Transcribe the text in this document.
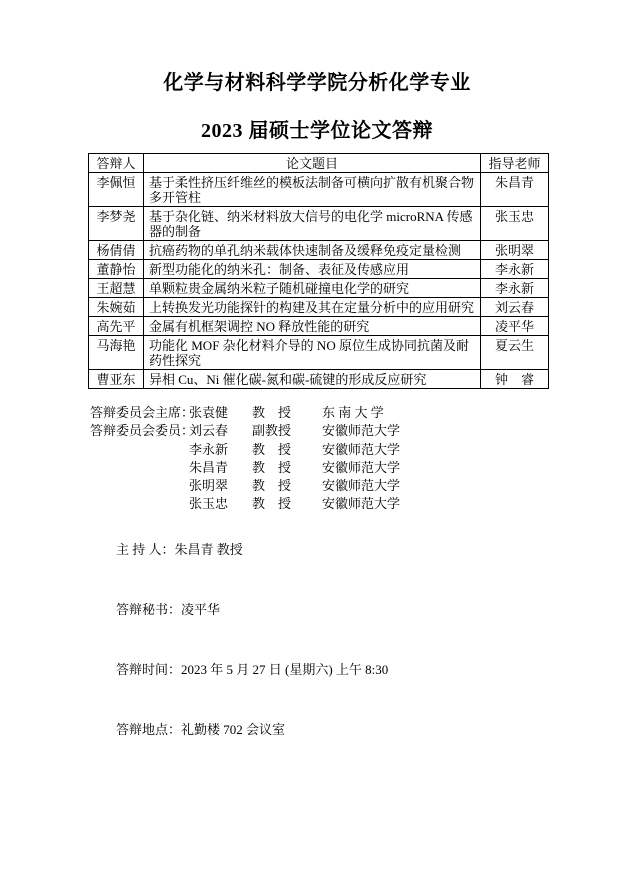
化学与材料科学学院分析化学专业
2023 届硕士学位论文答辩
答辩人	论文题目	指导老师
李佩恒	基于柔性挤压纤维丝的模板法制备可横向扩散有机聚合物多开管柱	朱昌青
李梦尧	基于杂化链、纳米材料放大信号的电化学 microRNA 传感器的制备	张玉忠
杨倩倩	抗癌药物的单孔纳米载体快速制备及缓释免疫定量检测	张明翠
董静怡	新型功能化的纳米孔：制备、表征及传感应用	李永新
王超慧	单颗粒贵金属纳米粒子随机碰撞电化学的研究	李永新
朱婉茹	上转换发光功能探针的构建及其在定量分析中的应用研究	刘云春
高先平	金属有机框架调控 NO 释放性能的研究	凌平华
马海艳	功能化 MOF 杂化材料介导的 NO 原位生成协同抗菌及耐药性探究	夏云生
曹亚东	异相 Cu、Ni 催化碳-氮和碳-硫键的形成反应研究	钟　睿
答辩委员会主席：
张袁健	教　授	东 南 大 学
答辩委员会委员：
刘云春	副教授	安徽师范大学
李永新	教　授	安徽师范大学
朱昌青	教　授	安徽师范大学
张明翠	教　授	安徽师范大学
张玉忠	教　授	安徽师范大学

主 持 人：朱昌青 教授

答辩秘书：凌平华

答辩时间：2023 年 5 月 27 日 (星期六) 上午 8:30

答辩地点：礼勤楼 702 会议室
